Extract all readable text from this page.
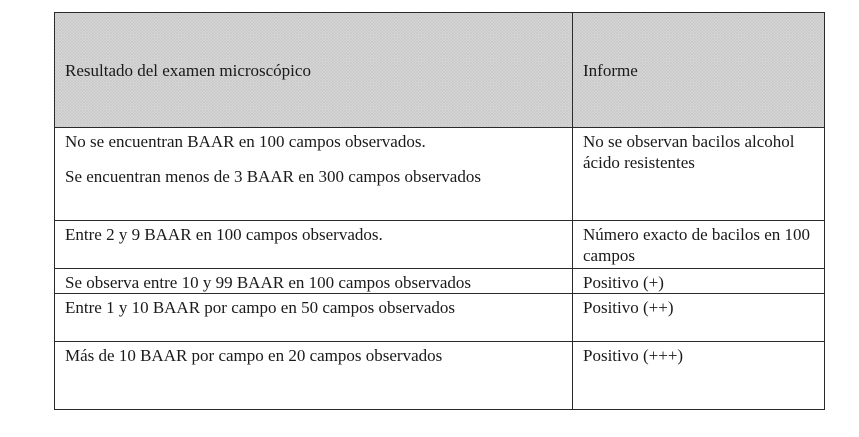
Resultado del examen microscópico	Informe

No se encuentran BAAR en 100 campos observados.
Se encuentran menos de 3 BAAR en 300 campos observados	No se observan bacilos alcohol ácido resistentes

Entre 2 y 9 BAAR en 100 campos observados.	Número exacto de bacilos en 100 campos

Se observa entre 10 y 99 BAAR en 100 campos observados	Positivo (+)

Entre 1 y 10 BAAR por campo en 50 campos observados	Positivo (++)

Más de 10 BAAR por campo en 20 campos observados	Positivo (+++)
